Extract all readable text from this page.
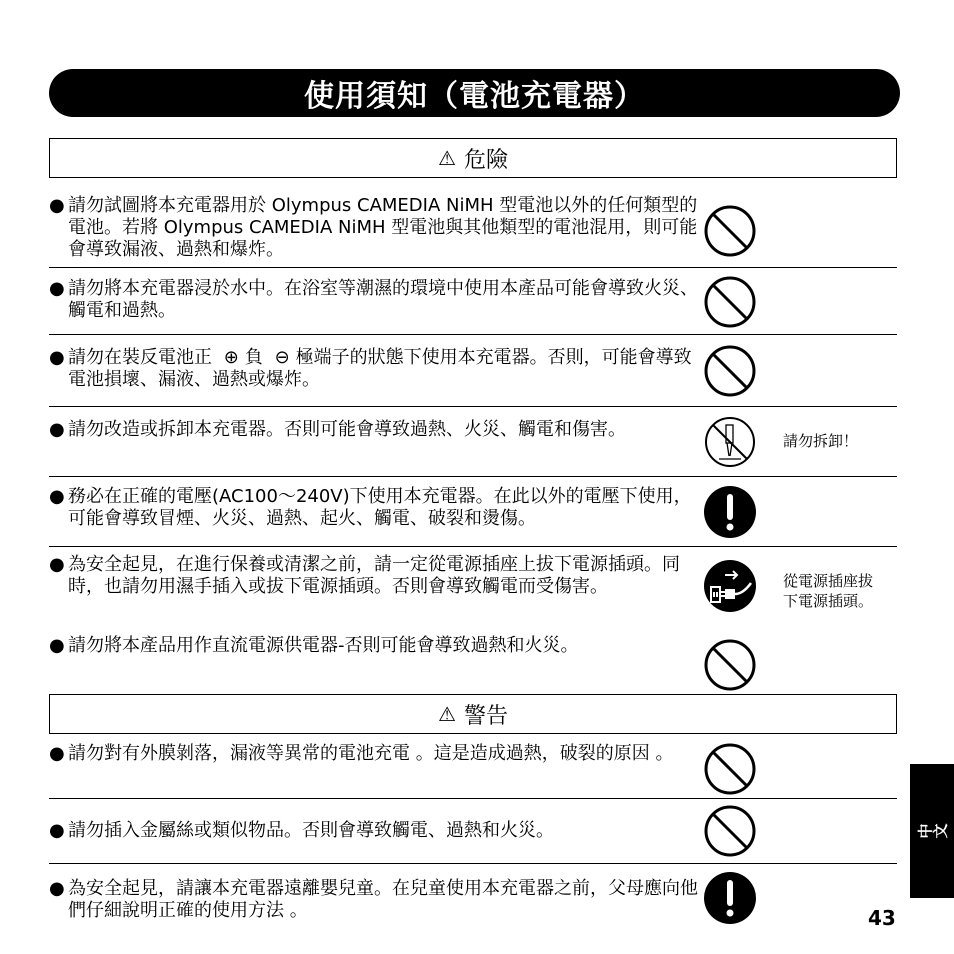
使用須知（電池充電器）
⚠ 危險
● 請勿試圖將本充電器用於 Olympus CAMEDIA NiMH 型電池以外的任何類型的電池。若將 Olympus CAMEDIA NiMH 型電池與其他類型的電池混用，則可能會導致漏液、過熱和爆炸。
● 請勿將本充電器浸於水中。在浴室等潮濕的環境中使用本產品可能會導致火災、觸電和過熱。
● 請勿在裝反電池正 ⊕ 負 ⊖ 極端子的狀態下使用本充電器。否則，可能會導致電池損壞、漏液、過熱或爆炸。
● 請勿改造或拆卸本充電器。否則可能會導致過熱、火災、觸電和傷害。
請勿拆卸！
● 務必在正確的電壓(AC100～240V)下使用本充電器。在此以外的電壓下使用，可能會導致冒煙、火災、過熱、起火、觸電、破裂和燙傷。
● 為安全起見，在進行保養或清潔之前，請一定從電源插座上拔下電源插頭。同時，也請勿用濕手插入或拔下電源插頭。否則會導致觸電而受傷害。	從電源插座拔
下電源插頭。
● 請勿將本產品用作直流電源供電器-否則可能會導致過熱和火災。
⚠ 警告
● 請勿對有外膜剝落，漏液等異常的電池充電 。這是造成過熱，破裂的原因 。
● 請勿插入金屬絲或類似物品。否則會導致觸電、過熱和火災。
● 為安全起見，請讓本充電器遠離嬰兒童。在兒童使用本充電器之前，父母應向他們仔細說明正確的使用方法 。
中文
43
